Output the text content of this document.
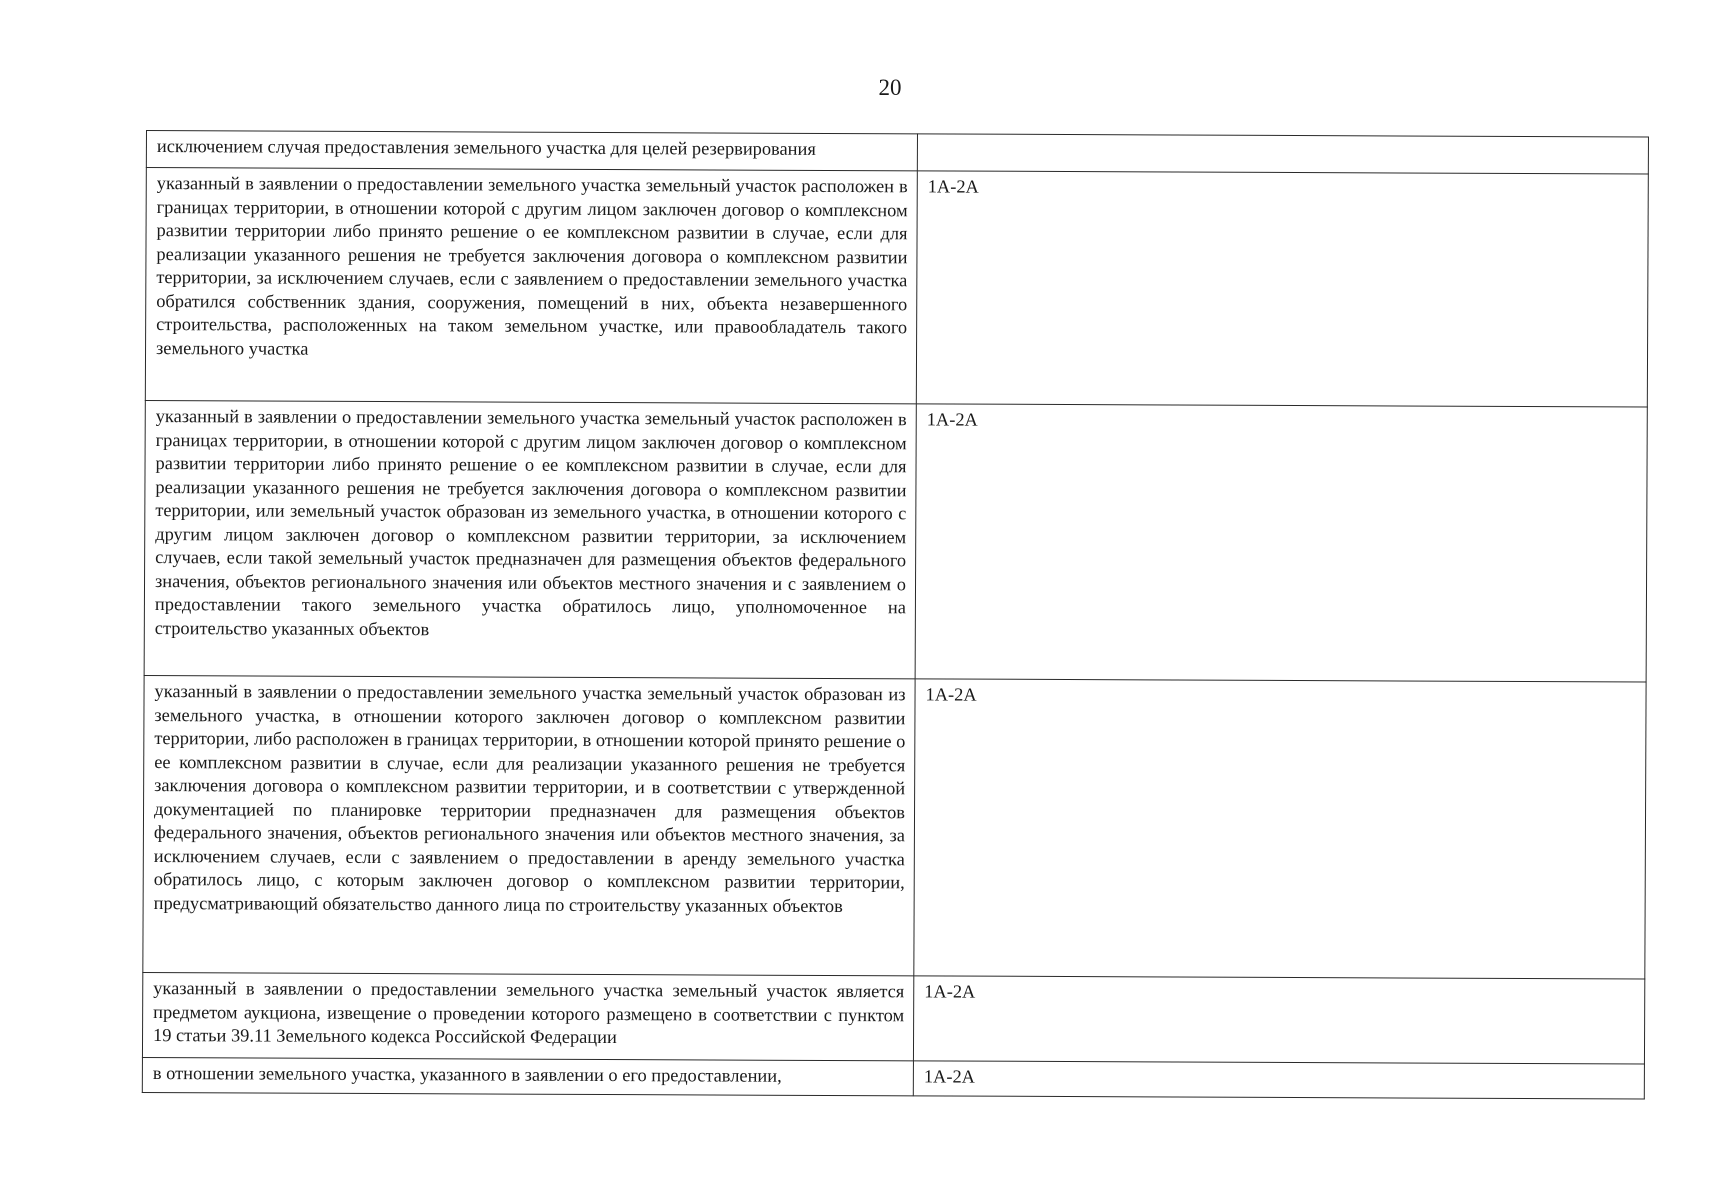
20
исключением случая предоставления земельного участка для целей резервирования	
указанный в заявлении о предоставлении земельного участка земельный участок расположен в границах территории, в отношении которой с другим лицом заключен договор о комплексном развитии территории либо принято решение о ее комплексном развитии в случае, если для реализации указанного решения не требуется заключения договора о комплексном развитии территории, за исключением случаев, если с заявлением о предоставлении земельного участка обратился собственник здания, сооружения, помещений в них, объекта незавершенного строительства, расположенных на таком земельном участке, или правообладатель такого земельного участка	1А-2А
указанный в заявлении о предоставлении земельного участка земельный участок расположен в границах территории, в отношении которой с другим лицом заключен договор о комплексном развитии территории либо принято решение о ее комплексном развитии в случае, если для реализации указанного решения не требуется заключения договора о комплексном развитии территории, или земельный участок образован из земельного участка, в отношении которого с другим лицом заключен договор о комплексном развитии территории, за исключением случаев, если такой земельный участок предназначен для размещения объектов федерального значения, объектов регионального значения или объектов местного значения и с заявлением о предоставлении такого земельного участка обратилось лицо, уполномоченное на строительство указанных объектов	1А-2А
указанный в заявлении о предоставлении земельного участка земельный участок образован из земельного участка, в отношении которого заключен договор о комплексном развитии территории, либо расположен в границах территории, в отношении которой принято решение о ее комплексном развитии в случае, если для реализации указанного решения не требуется заключения договора о комплексном развитии территории, и в соответствии с утвержденной документацией по планировке территории предназначен для размещения объектов федерального значения, объектов регионального значения или объектов местного значения, за исключением случаев, если с заявлением о предоставлении в аренду земельного участка обратилось лицо, с которым заключен договор о комплексном развитии территории, предусматривающий обязательство данного лица по строительству указанных объектов	1А-2А
указанный в заявлении о предоставлении земельного участка земельный участок является предметом аукциона, извещение о проведении которого размещено в соответствии с пунктом 19 статьи 39.11 Земельного кодекса Российской Федерации	1А-2А
в отношении земельного участка, указанного в заявлении о его предоставлении,	1А-2А
